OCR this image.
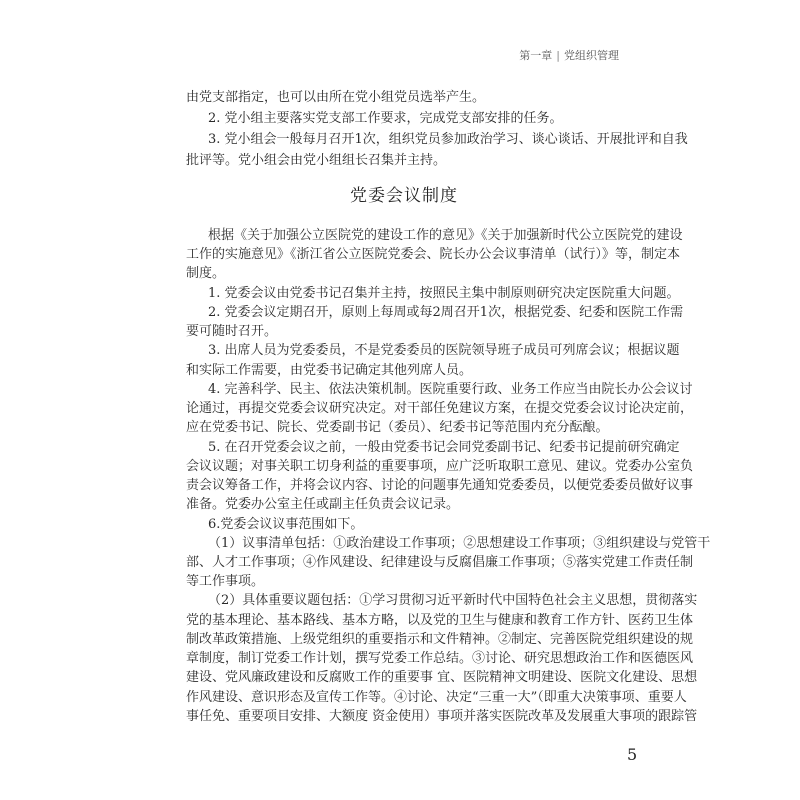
第一章 | 党组织管理
由党支部指定，也可以由所在党小组党员选举产生。
2. 党小组主要落实党支部工作要求，完成党支部安排的任务。
3. 党小组会一般每月召开1次，组织党员参加政治学习、谈心谈话、开展批评和自我
批评等。党小组会由党小组组长召集并主持。
党委会议制度
根据《关于加强公立医院党的建设工作的意见》《关于加强新时代公立医院党的建设
工作的实施意见》《浙江省公立医院党委会、院长办公会议事清单（试行）》等，制定本
制度。
1. 党委会议由党委书记召集并主持，按照民主集中制原则研究决定医院重大问题。
2. 党委会议定期召开，原则上每周或每2周召开1次，根据党委、纪委和医院工作需
要可随时召开。
3. 出席人员为党委委员，不是党委委员的医院领导班子成员可列席会议；根据议题
和实际工作需要，由党委书记确定其他列席人员。
4. 完善科学、民主、依法决策机制。医院重要行政、业务工作应当由院长办公会议讨
论通过，再提交党委会议研究决定。对干部任免建议方案，在提交党委会议讨论决定前，
应在党委书记、院长、党委副书记（委员）、纪委书记等范围内充分酝酿。
5. 在召开党委会议之前，一般由党委书记会同党委副书记、纪委书记提前研究确定
会议议题；对事关职工切身利益的重要事项，应广泛听取职工意见、建议。党委办公室负
责会议筹备工作，并将会议内容、讨论的问题事先通知党委委员，以便党委委员做好议事
准备。党委办公室主任或副主任负责会议记录。
6.党委会议议事范围如下。
（1）议事清单包括：①政治建设工作事项；②思想建设工作事项；③组织建设与党管干
部、人才工作事项；④作风建设、纪律建设与反腐倡廉工作事项；⑤落实党建工作责任制
等工作事项。
（2）具体重要议题包括：①学习贯彻习近平新时代中国特色社会主义思想，贯彻落实
党的基本理论、基本路线、基本方略，以及党的卫生与健康和教育工作方针、医药卫生体
制改革政策措施、上级党组织的重要指示和文件精神。②制定、完善医院党组织建设的规
章制度，制订党委工作计划，撰写党委工作总结。③讨论、研究思想政治工作和医德医风
建设、党风廉政建设和反腐败工作的重要事 宜、医院精神文明建设、医院文化建设、思想
作风建设、意识形态及宣传工作等。④讨论、决定“三重一大”（即重大决策事项、重要人
事任免、重要项目安排、大额度 资金使用）事项并落实医院改革及发展重大事项的跟踪管
5
